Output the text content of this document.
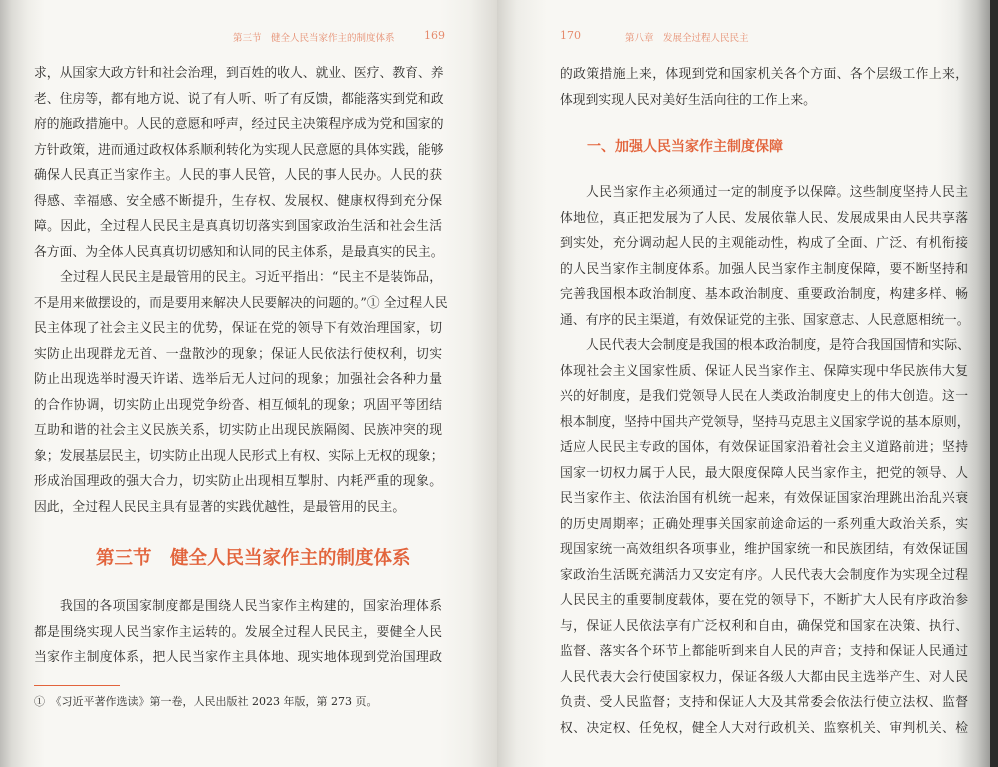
第三节　健全人民当家作主的制度体系	169
求，从国家大政方针和社会治理，到百姓的收人、就业、医疗、教育、养
老、住房等，都有地方说、说了有人听、听了有反馈，都能落实到党和政
府的施政措施中。人民的意愿和呼声，经过民主决策程序成为党和国家的
方针政策，进而通过政权体系顺利转化为实现人民意愿的具体实践，能够
确保人民真正当家作主。人民的事人民管，人民的事人民办。人民的获
得感、幸福感、安全感不断提升，生存权、发展权、健康权得到充分保
障。因此，全过程人民民主是真真切切落实到国家政治生活和社会生活
各方面、为全体人民真真切切感知和认同的民主体系，是最真实的民主。
全过程人民民主是最管用的民主。习近平指出：“民主不是装饰品，
不是用来做摆设的，而是要用来解决人民要解决的问题的。”① 全过程人民
民主体现了社会主义民主的优势，保证在党的领导下有效治理国家，切
实防止出现群龙无首、一盘散沙的现象；保证人民依法行使权利，切实
防止出现选举时漫天许诺、选举后无人过问的现象；加强社会各种力量
的合作协调，切实防止出现党争纷沓、相互倾轧的现象；巩固平等团结
互助和谐的社会主义民族关系，切实防止出现民族隔阂、民族冲突的现
象；发展基层民主，切实防止出现人民形式上有权、实际上无权的现象；
形成治国理政的强大合力，切实防止出现相互掣肘、内耗严重的现象。
因此，全过程人民民主具有显著的实践优越性，是最管用的民主。
第三节　健全人民当家作主的制度体系
我国的各项国家制度都是围绕人民当家作主构建的，国家治理体系
都是围绕实现人民当家作主运转的。发展全过程人民民主，要健全人民
当家作主制度体系，把人民当家作主具体地、现实地体现到党治国理政
①　《习近平著作选读》第一卷，人民出版社 2023 年版，第 273 页。
170	第八章　发展全过程人民民主
的政策措施上来，体现到党和国家机关各个方面、各个层级工作上来，
体现到实现人民对美好生活向往的工作上来。
一、加强人民当家作主制度保障
人民当家作主必须通过一定的制度予以保障。这些制度坚持人民主
体地位，真正把发展为了人民、发展依靠人民、发展成果由人民共享落
到实处，充分调动起人民的主观能动性，构成了全面、广泛、有机衔接
的人民当家作主制度体系。加强人民当家作主制度保障，要不断坚持和
完善我国根本政治制度、基本政治制度、重要政治制度，构建多样、畅
通、有序的民主渠道，有效保证党的主张、国家意志、人民意愿相统一。
人民代表大会制度是我国的根本政治制度，是符合我国国情和实际、
体现社会主义国家性质、保证人民当家作主、保障实现中华民族伟大复
兴的好制度，是我们党领导人民在人类政治制度史上的伟大创造。这一
根本制度，坚持中国共产党领导，坚持马克思主义国家学说的基本原则，
适应人民民主专政的国体，有效保证国家沿着社会主义道路前进；坚持
国家一切权力属于人民，最大限度保障人民当家作主，把党的领导、人
民当家作主、依法治国有机统一起来，有效保证国家治理跳出治乱兴衰
的历史周期率；正确处理事关国家前途命运的一系列重大政治关系，实
现国家统一高效组织各项事业，维护国家统一和民族团结，有效保证国
家政治生活既充满活力又安定有序。人民代表大会制度作为实现全过程
人民民主的重要制度载体，要在党的领导下，不断扩大人民有序政治参
与，保证人民依法享有广泛权利和自由，确保党和国家在决策、执行、
监督、落实各个环节上都能听到来自人民的声音；支持和保证人民通过
人民代表大会行使国家权力，保证各级人大都由民主选举产生、对人民
负责、受人民监督；支持和保证人大及其常委会依法行使立法权、监督
权、决定权、任免权，健全人大对行政机关、监察机关、审判机关、检
